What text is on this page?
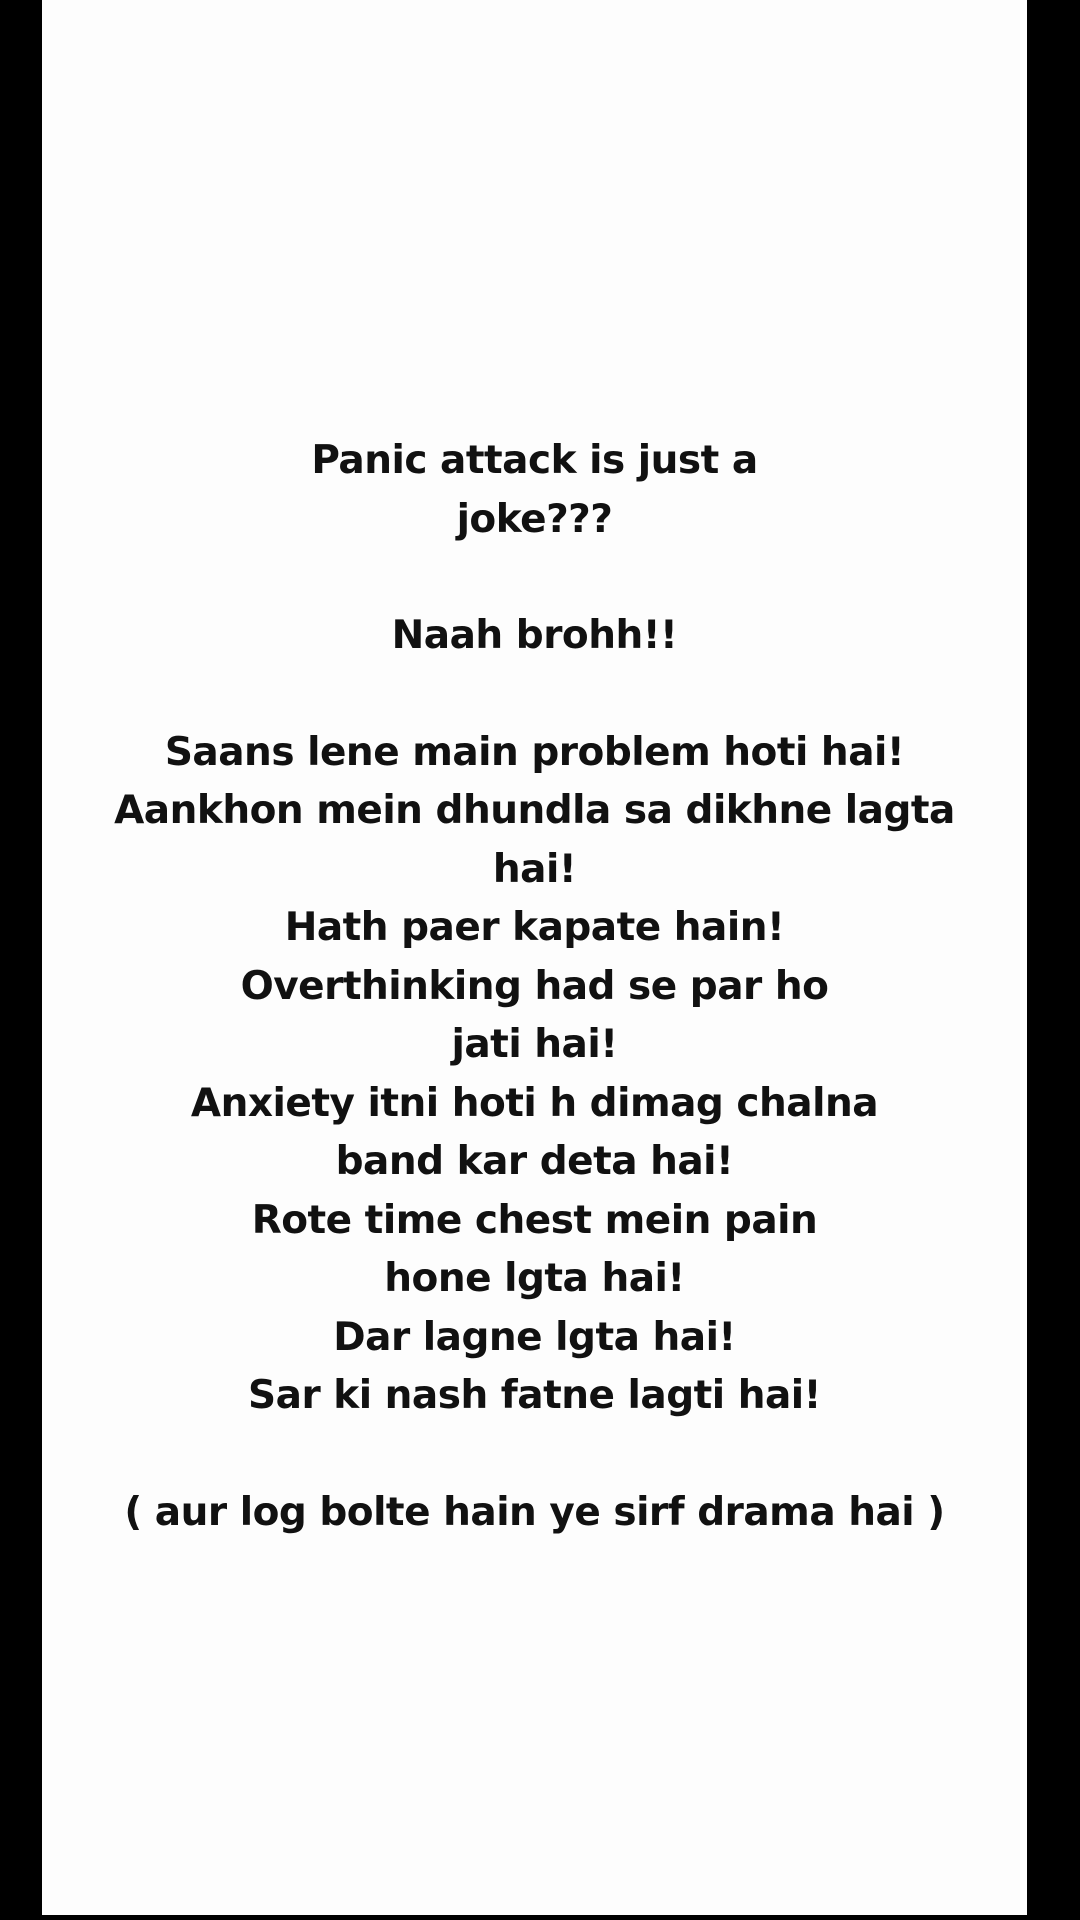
Panic attack is just a
joke???
Naah brohh!!
Saans lene main problem hoti hai!
Aankhon mein dhundla sa dikhne lagta
hai!
Hath paer kapate hain!
Overthinking had se par ho
jati hai!
Anxiety itni hoti h dimag chalna
band kar deta hai!
Rote time chest mein pain
hone lgta hai!
Dar lagne lgta hai!
Sar ki nash fatne lagti hai!
( aur log bolte hain ye sirf drama hai )
